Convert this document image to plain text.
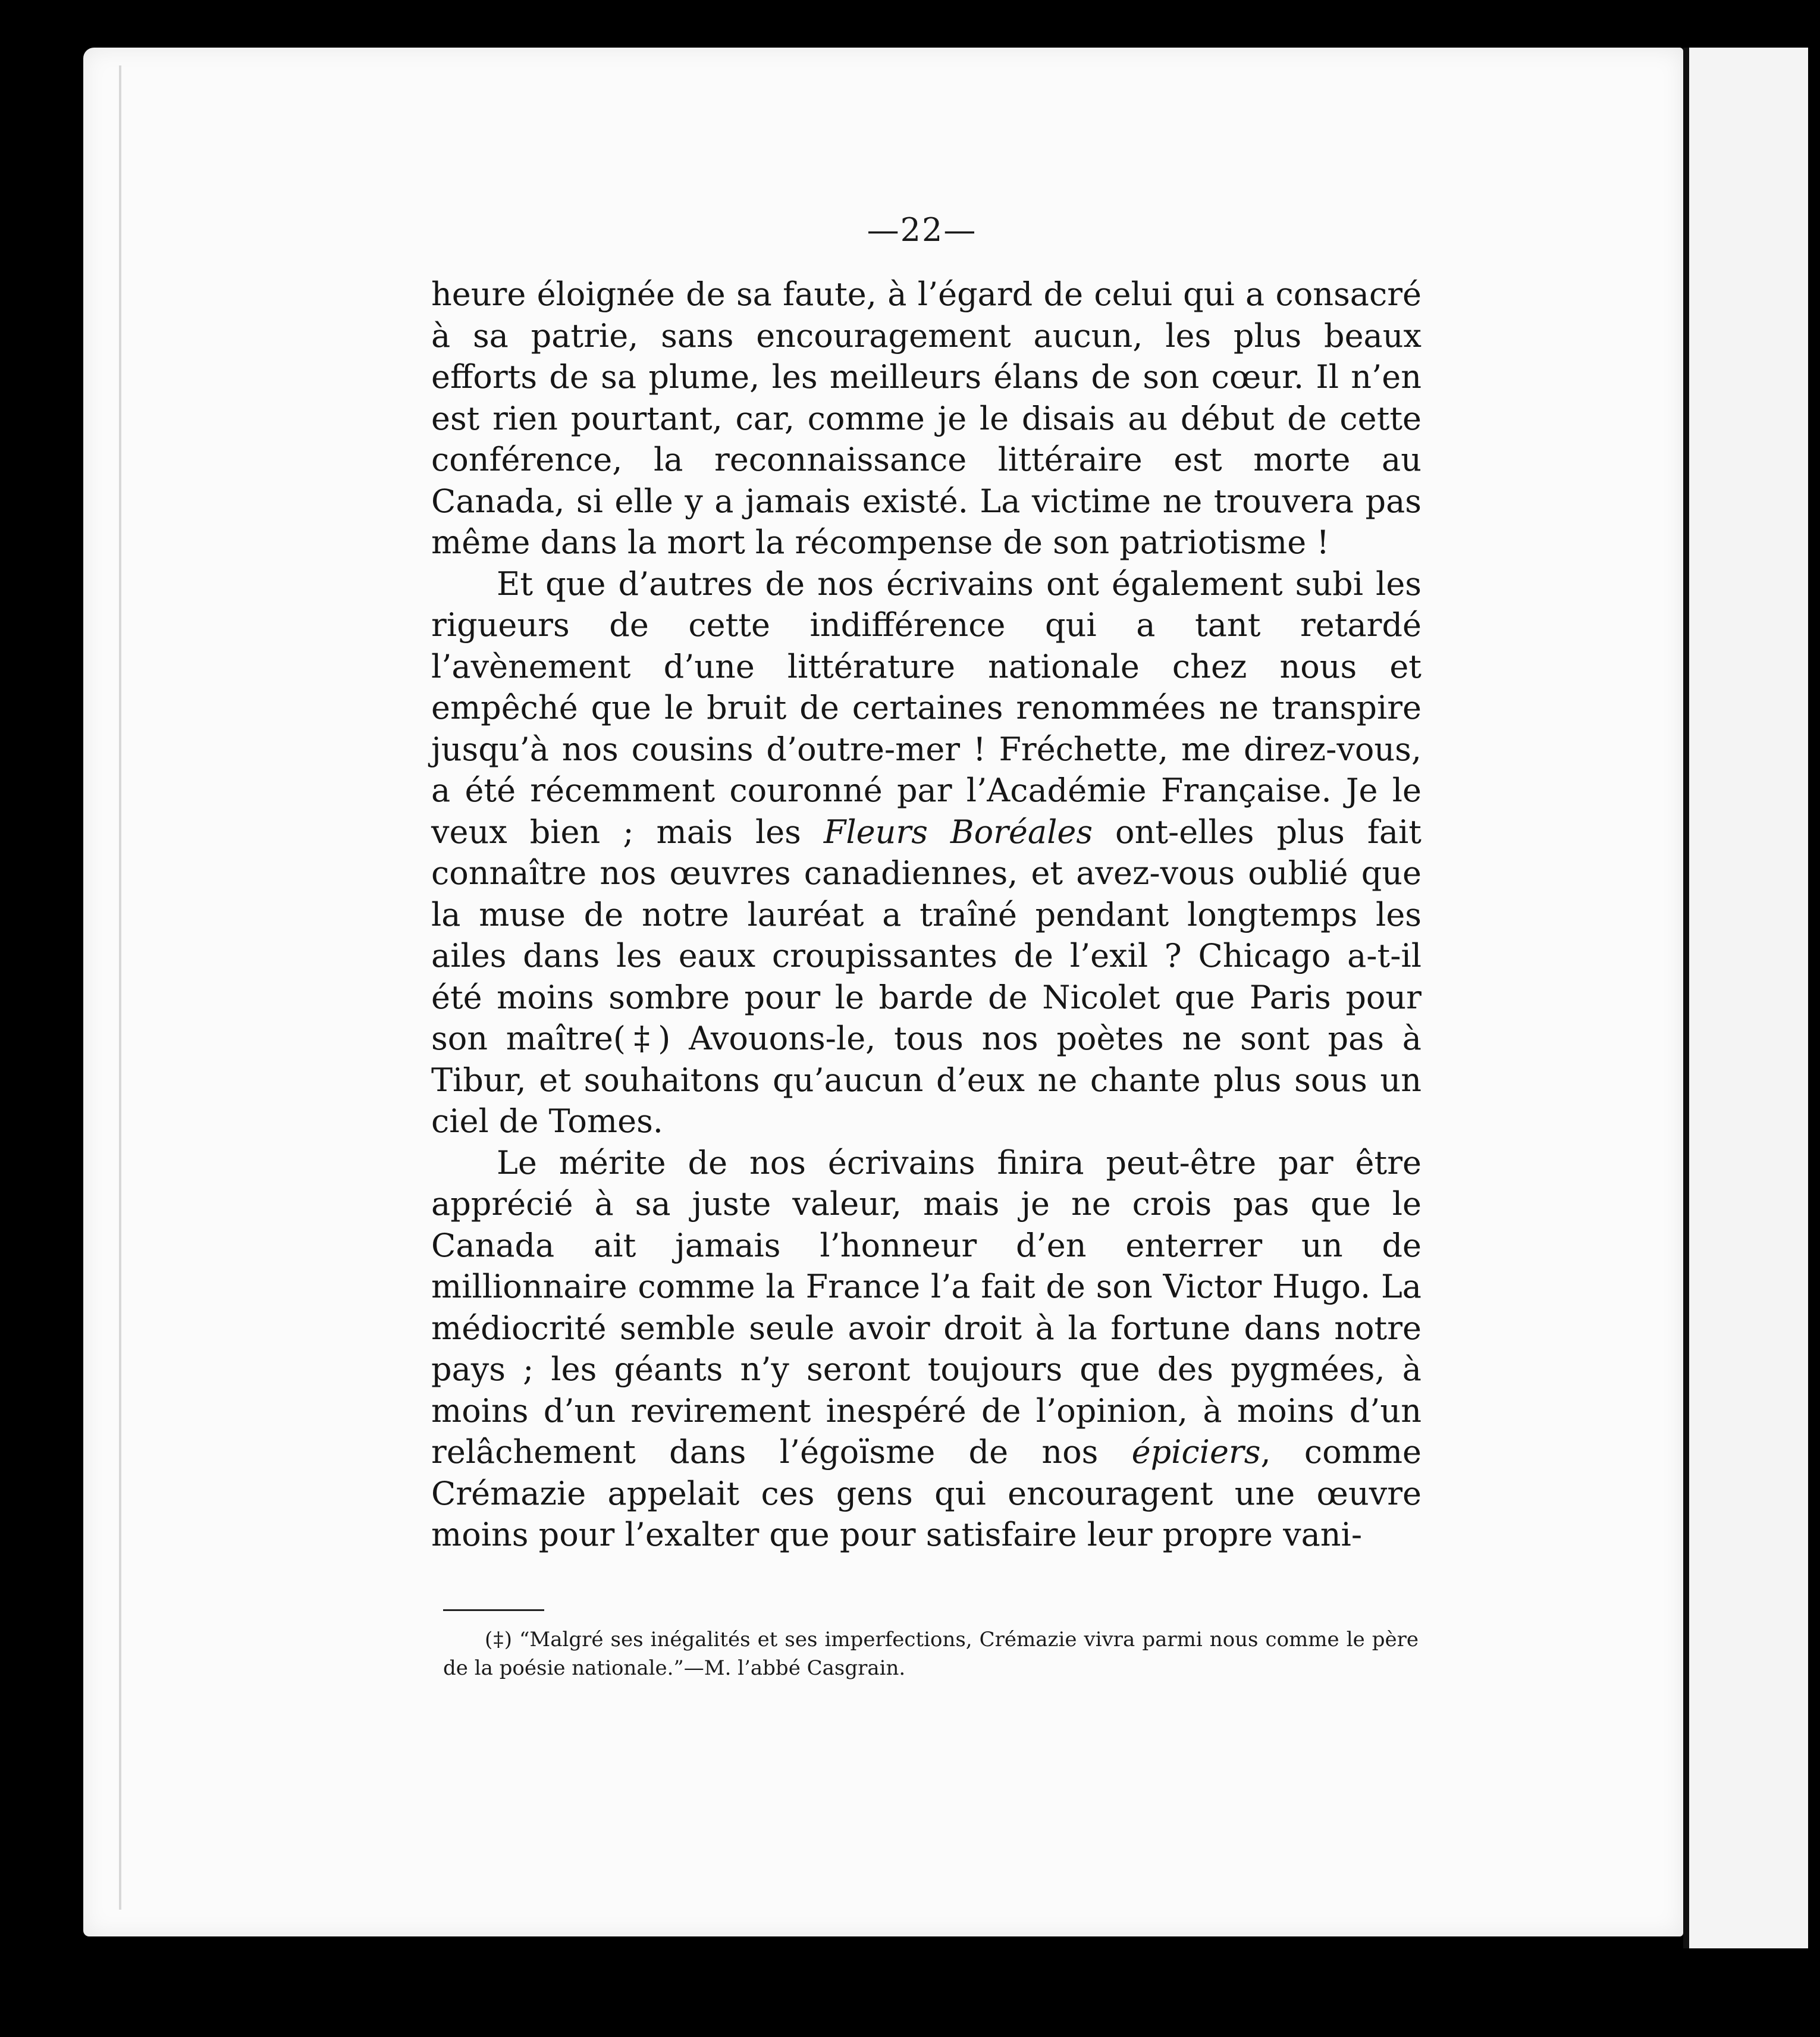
—22—

heure éloignée de sa faute, à l’égard de celui qui a consacré à sa patrie, sans encouragement aucun, les plus beaux efforts de sa plume, les meilleurs élans de son cœur. Il n’en est rien pourtant, car, comme je le disais au début de cette conférence, la reconnaissance littéraire est morte au Canada, si elle y a jamais existé. La victime ne trouvera pas même dans la mort la récompense de son patriotisme !

Et que d’autres de nos écrivains ont également subi les rigueurs de cette indifférence qui a tant retardé l’avènement d’une littérature nationale chez nous et empêché que le bruit de certaines renommées ne transpire jusqu’à nos cousins d’outre-mer ! Fréchette, me direz-vous, a été récemment couronné par l’Académie Française. Je le veux bien ; mais les Fleurs Boréales ont-elles plus fait connaître nos œuvres canadiennes, et avez-vous oublié que la muse de notre lauréat a traîné pendant longtemps les ailes dans les eaux croupissantes de l’exil ? Chicago a-t-il été moins sombre pour le barde de Nicolet que Paris pour son maître(‡) Avouons-le, tous nos poètes ne sont pas à Tibur, et souhaitons qu’aucun d’eux ne chante plus sous un ciel de Tomes.

Le mérite de nos écrivains finira peut-être par être apprécié à sa juste valeur, mais je ne crois pas que le Canada ait jamais l’honneur d’en enterrer un de millionnaire comme la France l’a fait de son Victor Hugo. La médiocrité semble seule avoir droit à la fortune dans notre pays ; les géants n’y seront toujours que des pygmées, à moins d’un revirement inespéré de l’opinion, à moins d’un relâchement dans l’égoïsme de nos épiciers, comme Crémazie appelait ces gens qui encouragent une œuvre moins pour l’exalter que pour satisfaire leur propre vani-

(‡) “Malgré ses inégalités et ses imperfections, Crémazie vivra parmi nous comme le père de la poésie nationale.”—M. l’abbé Casgrain.
